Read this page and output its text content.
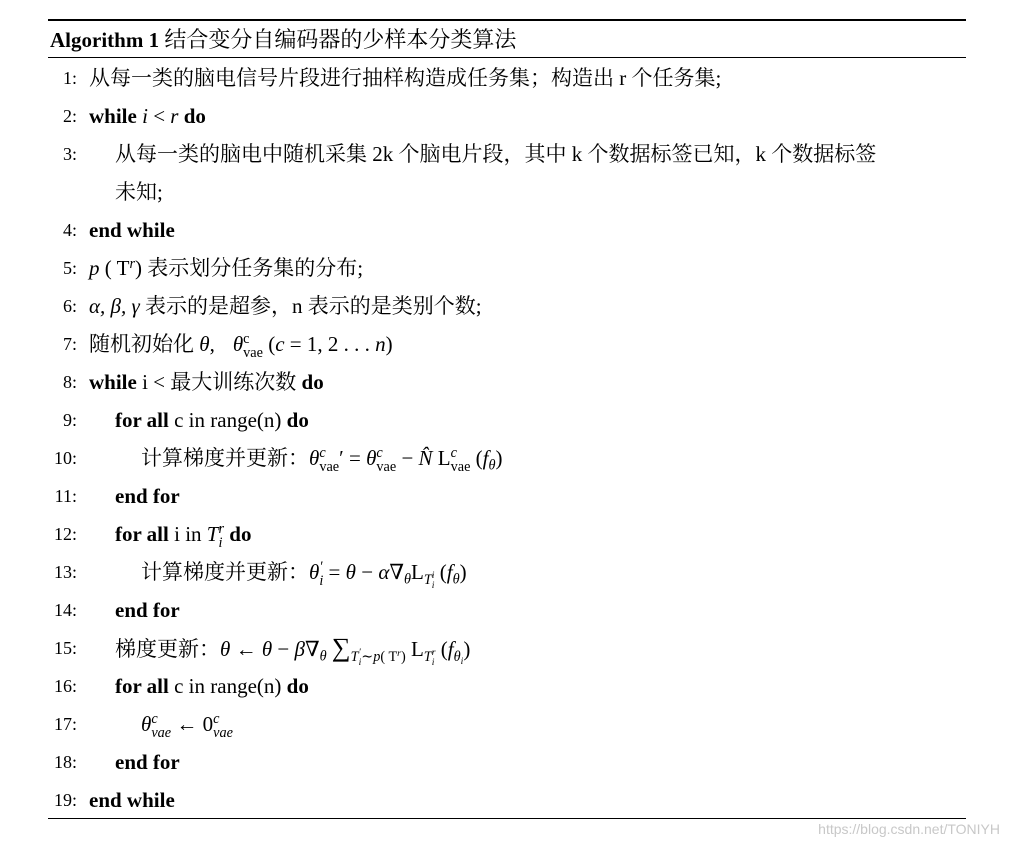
Algorithm 1 结合变分自编码器的少样本分类算法
1: 从每一类的脑电信号片段进行抽样构造成任务集；构造出 r 个任务集;
2: while i < r do
3: 从每一类的脑电中随机采集 2k 个脑电片段，其中 k 个数据标签已知，k 个数据标签
未知;
4: end while
5: p ( $T^r$) 表示划分任务集的分布;
6: α, β, γ 表示的是超参，n 表示的是类别个数;
7: 随机初始化 θ, θ c
vae (c = 1, 2 . . . n)
8: while i < 最大训练次数 do
9: for all c in range(n) do
10:	计算梯度并更新：θ c
vae ′ = θ c
vae − N̂ L c
vae $(f_\theta)$
11: end for
12: for all i in T r
i do
13:	计算梯度并更新：θ ′
$i = \theta - \alpha\nabla_\theta L_{T i i}$
$(f_\theta)$
14: end for
15: 梯度更新：θ ← $\theta - \beta\nabla_\theta$ $\sum_{T ' i \sim p( T^r)}$ $L_{T r i}$
$(f_{\theta_i})$
16: for all c in range(n) do
17:	θ c
vae ← 0 c
vae
18: end for
19: end while
https://blog.csdn.net/TONIYH
